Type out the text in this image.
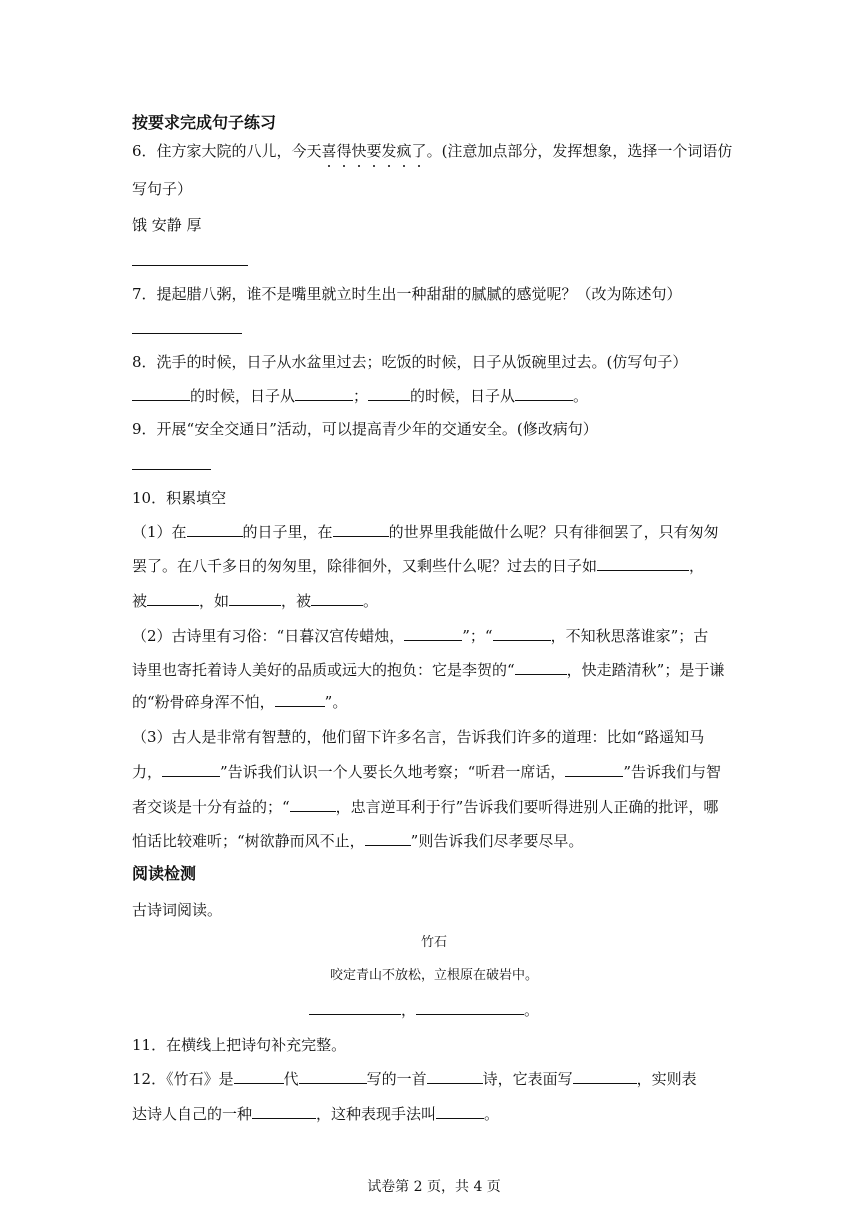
按要求完成句子练习
6．住方家大院的八儿，今天喜得快要发疯了
。(注意加点部分，发挥想象，选择一个词语仿
写句子）
饿 安静 厚
7．提起腊八粥，谁不是嘴里就立时生出一种甜甜的腻腻的感觉呢？（改为陈述句）
8．洗手的时候，日子从水盆里过去；吃饭的时候，日子从饭碗里过去。(仿写句子）
的时候，日子从	；	的时候，日子从	。
9．开展“安全交通日”活动，可以提高青少年的交通安全。(修改病句）
10．积累填空
（1）在	的日子里，在	的世界里我能做什么呢？只有徘徊罢了，只有匆匆
罢了。在八千多日的匆匆里，除徘徊外，又剩些什么呢？过去的日子如	，
被	，如	，被	。
（2）古诗里有习俗：“日暮汉宫传蜡烛，	”；“	，不知秋思落谁家”；古
诗里也寄托着诗人美好的品质或远大的抱负：它是李贺的“	，快走踏清秋”；是于谦
的“粉骨碎身浑不怕，	”。
（3）古人是非常有智慧的，他们留下许多名言，告诉我们许多的道理：比如“路遥知马
力，	”告诉我们认识一个人要长久地考察；“听君一席话，	”告诉我们与智
者交谈是十分有益的；“	，忠言逆耳利于行”告诉我们要听得进别人正确的批评，哪
怕话比较难听；“树欲静而风不止，	”则告诉我们尽孝要尽早。
阅读检测
古诗词阅读。
竹石
咬定青山不放松，立根原在破岩中。
，	。
11．在横线上把诗句补充完整。
12．《竹石》是	代	写的一首	诗，它表面写	，实则表
达诗人自己的一种	，这种表现手法叫	。
试卷第 2 页，共 4 页
